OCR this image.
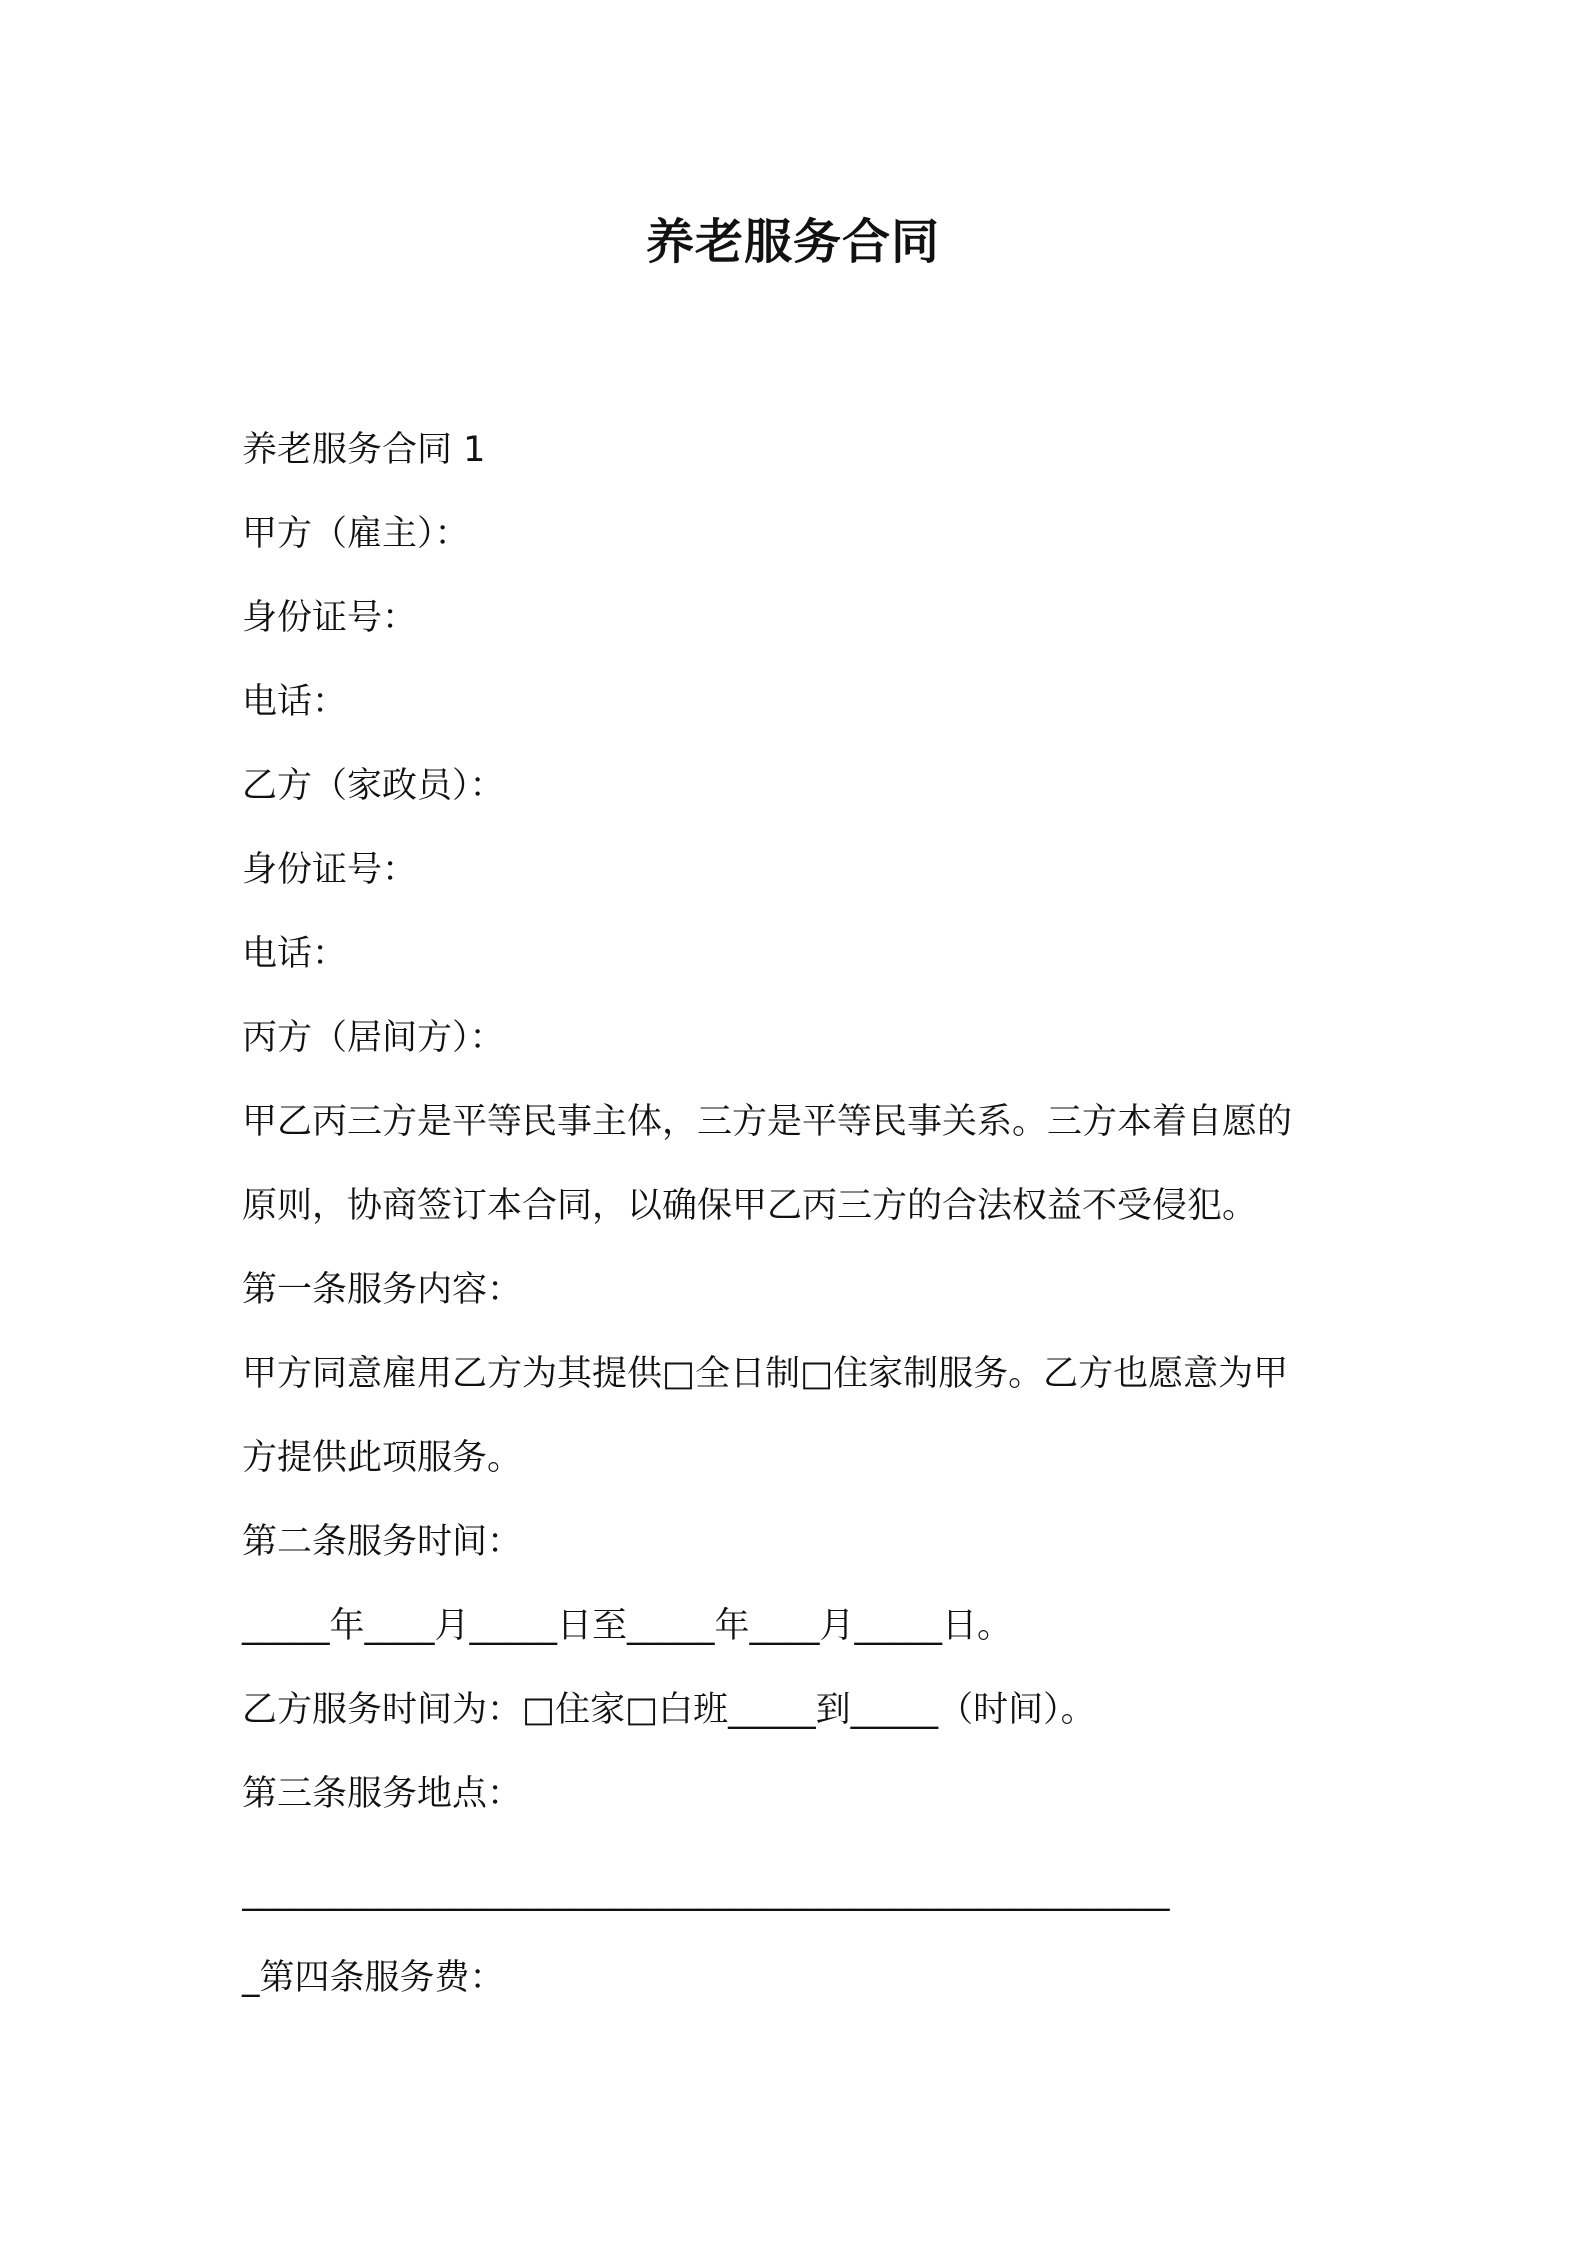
养老服务合同
养老服务合同 1
甲方（雇主）：
身份证号：
电话：
乙方（家政员）：
身份证号：
电话：
丙方（居间方）：
甲乙丙三方是平等民事主体，三方是平等民事关系。三方本着自愿的
原则，协商签订本合同，以确保甲乙丙三方的合法权益不受侵犯。
第一条服务内容：
甲方同意雇用乙方为其提供□全日制□住家制服务。乙方也愿意为甲
方提供此项服务。
第二条服务时间：
_____年____月_____日至_____年____月_____日。
乙方服务时间为：□住家□白班_____到_____（时间）。
第三条服务地点：
_____________________________________________________
_第四条服务费：
